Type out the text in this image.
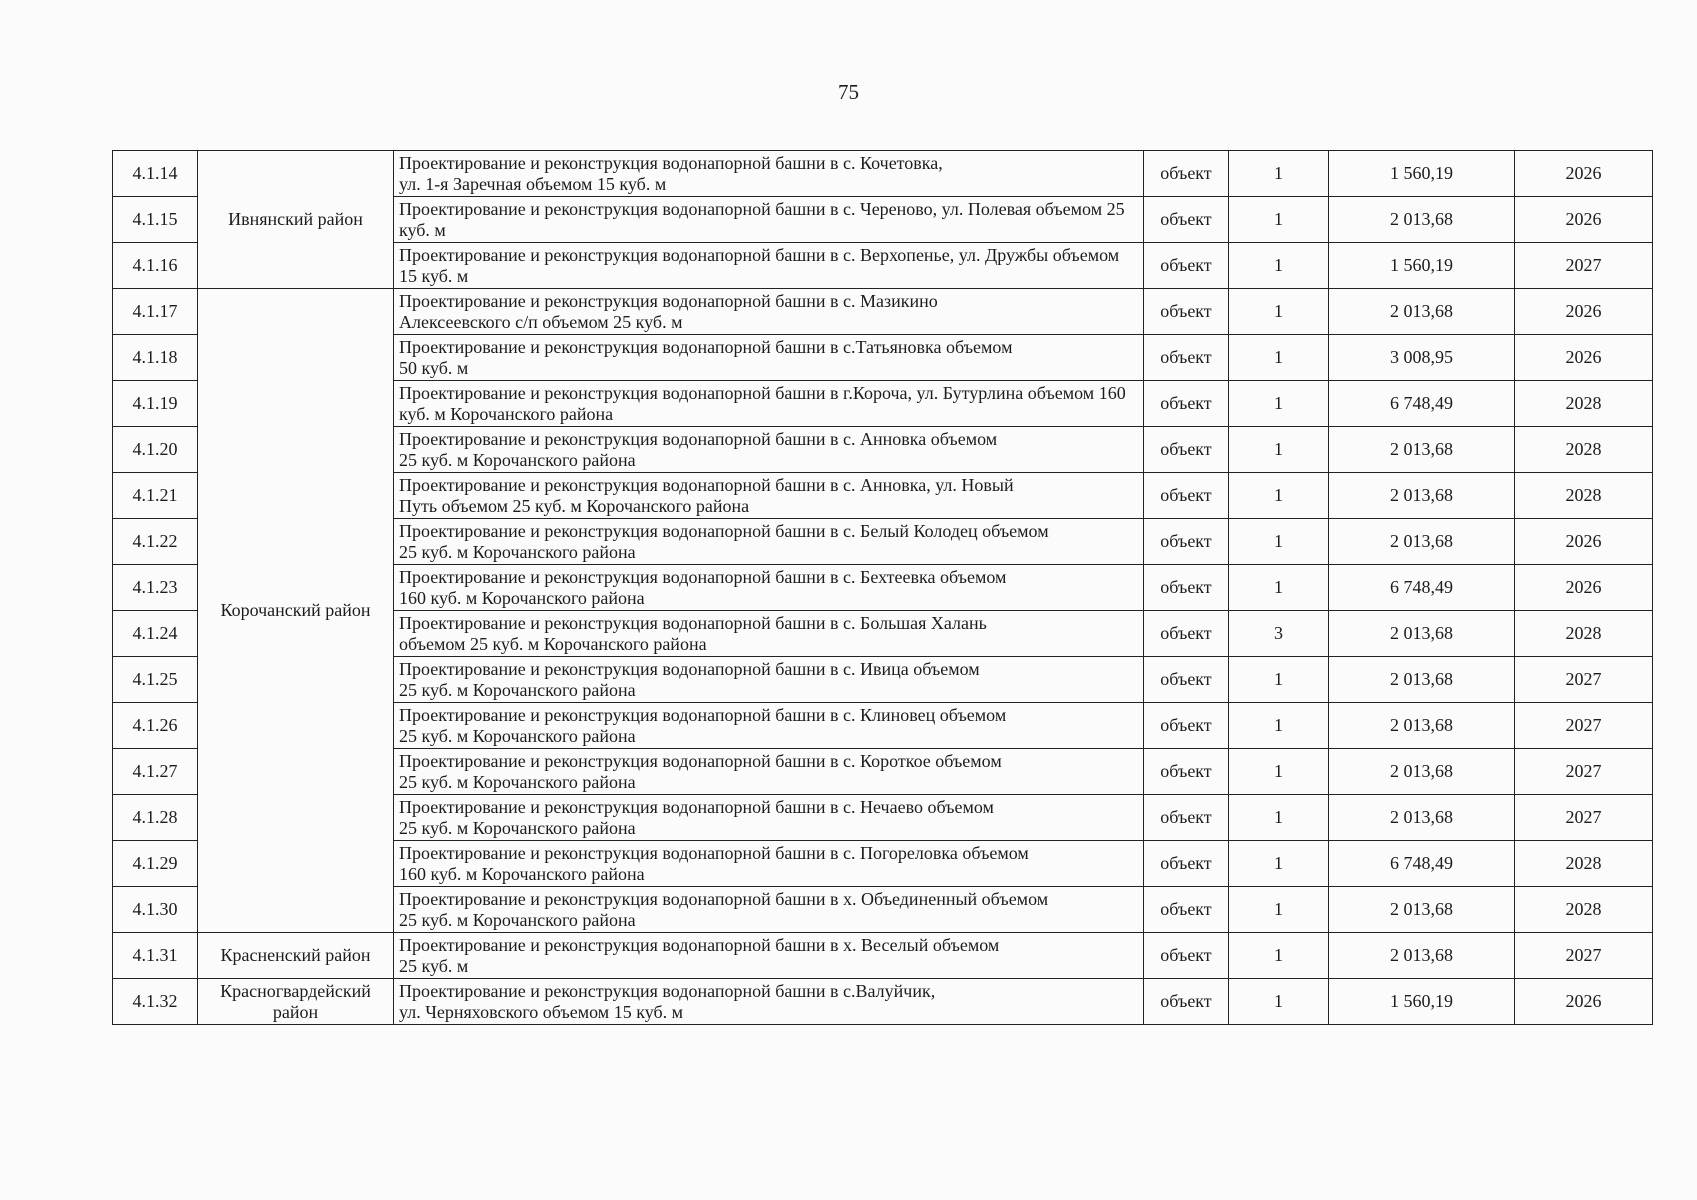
75
4.1.14	Ивнянский район	Проектирование и реконструкция водонапорной башни в с. Кочетовка,
ул. 1-я Заречная объемом 15 куб. м	объект	1	1 560,19	2026
4.1.15		Проектирование и реконструкция водонапорной башни в с. Череново, ул. Полевая объемом 25 куб. м	объект	1	2 013,68	2026
4.1.16		Проектирование и реконструкция водонапорной башни в с. Верхопенье, ул. Дружбы объемом 15 куб. м	объект	1	1 560,19	2027
4.1.17	Корочанский район	Проектирование и реконструкция водонапорной башни в с. Мазикино
Алексеевского с/п объемом 25 куб. м	объект	1	2 013,68	2026
4.1.18		Проектирование и реконструкция водонапорной башни в с.Татьяновка объемом
50 куб. м	объект	1	3 008,95	2026
4.1.19		Проектирование и реконструкция водонапорной башни в г.Короча, ул. Бутурлина объемом 160 куб. м Корочанского района	объект	1	6 748,49	2028
4.1.20		Проектирование и реконструкция водонапорной башни в с. Анновка объемом
25 куб. м Корочанского района	объект	1	2 013,68	2028
4.1.21		Проектирование и реконструкция водонапорной башни в с. Анновка, ул. Новый
Путь объемом 25 куб. м Корочанского района	объект	1	2 013,68	2028
4.1.22		Проектирование и реконструкция водонапорной башни в с. Белый Колодец объемом
25 куб. м Корочанского района	объект	1	2 013,68	2026
4.1.23		Проектирование и реконструкция водонапорной башни в с. Бехтеевка объемом
160 куб. м Корочанского района	объект	1	6 748,49	2026
4.1.24		Проектирование и реконструкция водонапорной башни в с. Большая Халань
объемом 25 куб. м Корочанского района	объект	3	2 013,68	2028
4.1.25		Проектирование и реконструкция водонапорной башни в с. Ивица объемом
25 куб. м Корочанского района	объект	1	2 013,68	2027
4.1.26		Проектирование и реконструкция водонапорной башни в с. Клиновец объемом
25 куб. м Корочанского района	объект	1	2 013,68	2027
4.1.27		Проектирование и реконструкция водонапорной башни в с. Короткое объемом
25 куб. м Корочанского района	объект	1	2 013,68	2027
4.1.28		Проектирование и реконструкция водонапорной башни в с. Нечаево объемом
25 куб. м Корочанского района	объект	1	2 013,68	2027
4.1.29		Проектирование и реконструкция водонапорной башни в с. Погореловка объемом
160 куб. м Корочанского района	объект	1	6 748,49	2028
4.1.30		Проектирование и реконструкция водонапорной башни в х. Объединенный объемом
25 куб. м Корочанского района	объект	1	2 013,68	2028
4.1.31	Красненский район	Проектирование и реконструкция водонапорной башни в х. Веселый объемом
25 куб. м	объект	1	2 013,68	2027
4.1.32	Красногвардейский район	Проектирование и реконструкция водонапорной башни в с.Валуйчик,
ул. Черняховского объемом 15 куб. м	объект	1	1 560,19	2026
